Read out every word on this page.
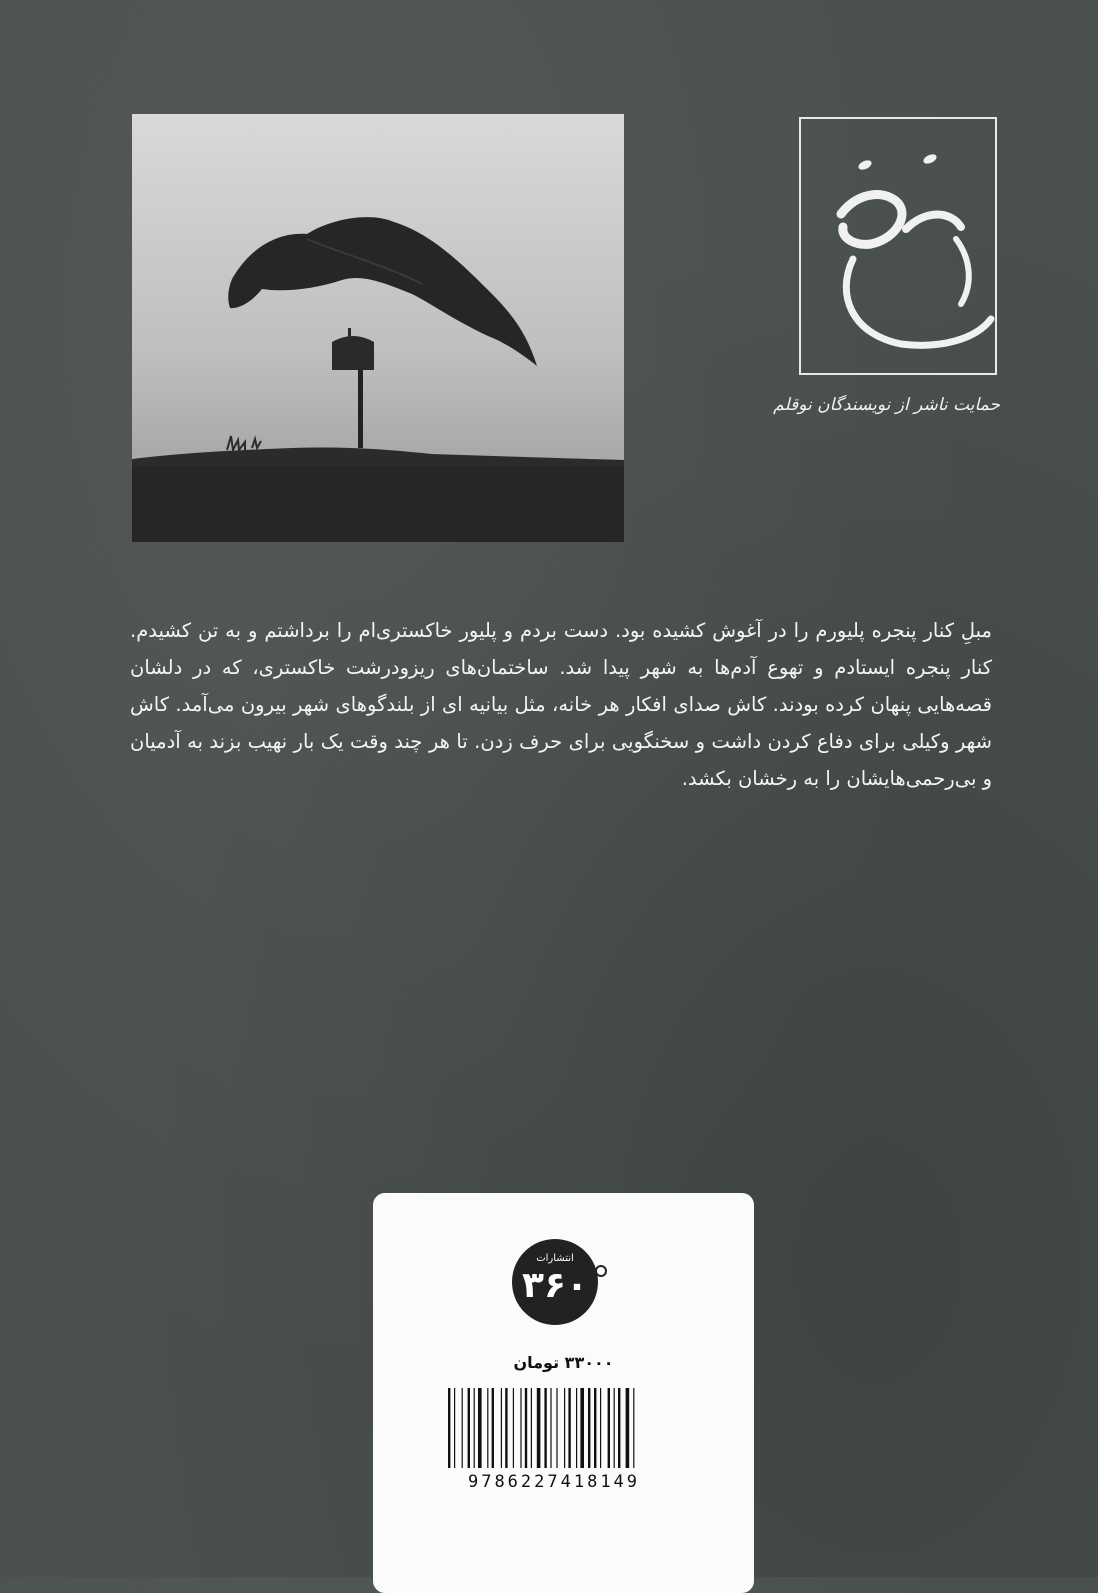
حمایت ناشر از نویسندگان نوقلم
مبلِ کنار پنجره پلیورم را در آغوش کشیده بود. دست بردم و پلیور خاکستری‌ام را برداشتم و به تن کشیدم. کنار پنجره ایستادم و تهوع آدم‌ها به شهر پیدا شد. ساختمان‌های ریزودرشت خاکستری، که در دلشان قصه‌هایی پنهان کرده بودند. کاش صدای افکار هر خانه، مثل بیانیه ای از بلندگوهای شهر بیرون می‌آمد. کاش شهر وکیلی برای دفاع کردن داشت و سخنگویی برای حرف زدن. تا هر چند وقت یک بار نهیب بزند به آدمیان و بی‌رحمی‌هایشان را به رخشان بکشد.
انتشارات
۳۶۰
۳۳۰۰۰ تومان
9786227418149
